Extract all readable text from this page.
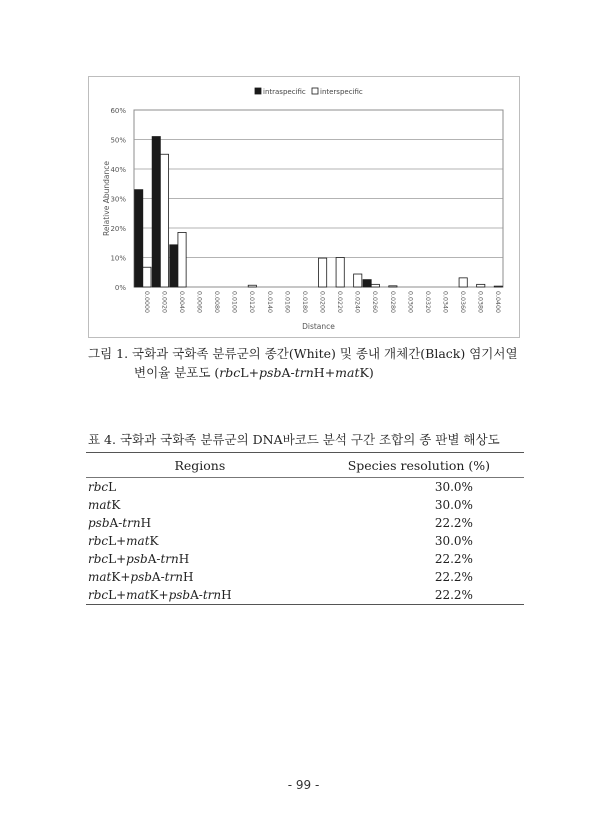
0%
10%
20%
30%
40%
50%
60%
0.0000 0.0020 0.0040 0.0060 0.0080 0.0100 0.0120 0.0140 0.0160 0.0180 0.0200 0.0220 0.0240 0.0260 0.0280 0.0300 0.0320 0.0340 0.0360 0.0380 0.0400
Distance
Relative Abundance
intraspecific interspecific
그림 1. 국화과 국화족 분류군의 종간(White) 및 종내 개체간(Black) 염기서열
변이율 분포도 (rbcL+psbA-trnH+matK)
표 4. 국화과 국화족 분류군의 DNA바코드 분석 구간 조합의 종 판별 해상도
Regions	Species resolution (%)
rbcL	30.0%
matK	30.0%
psbA-trnH	22.2%
rbcL+matK	30.0%
rbcL+psbA-trnH	22.2%
matK+psbA-trnH	22.2%
rbcL+matK+psbA-trnH	22.2%
- 99 -
